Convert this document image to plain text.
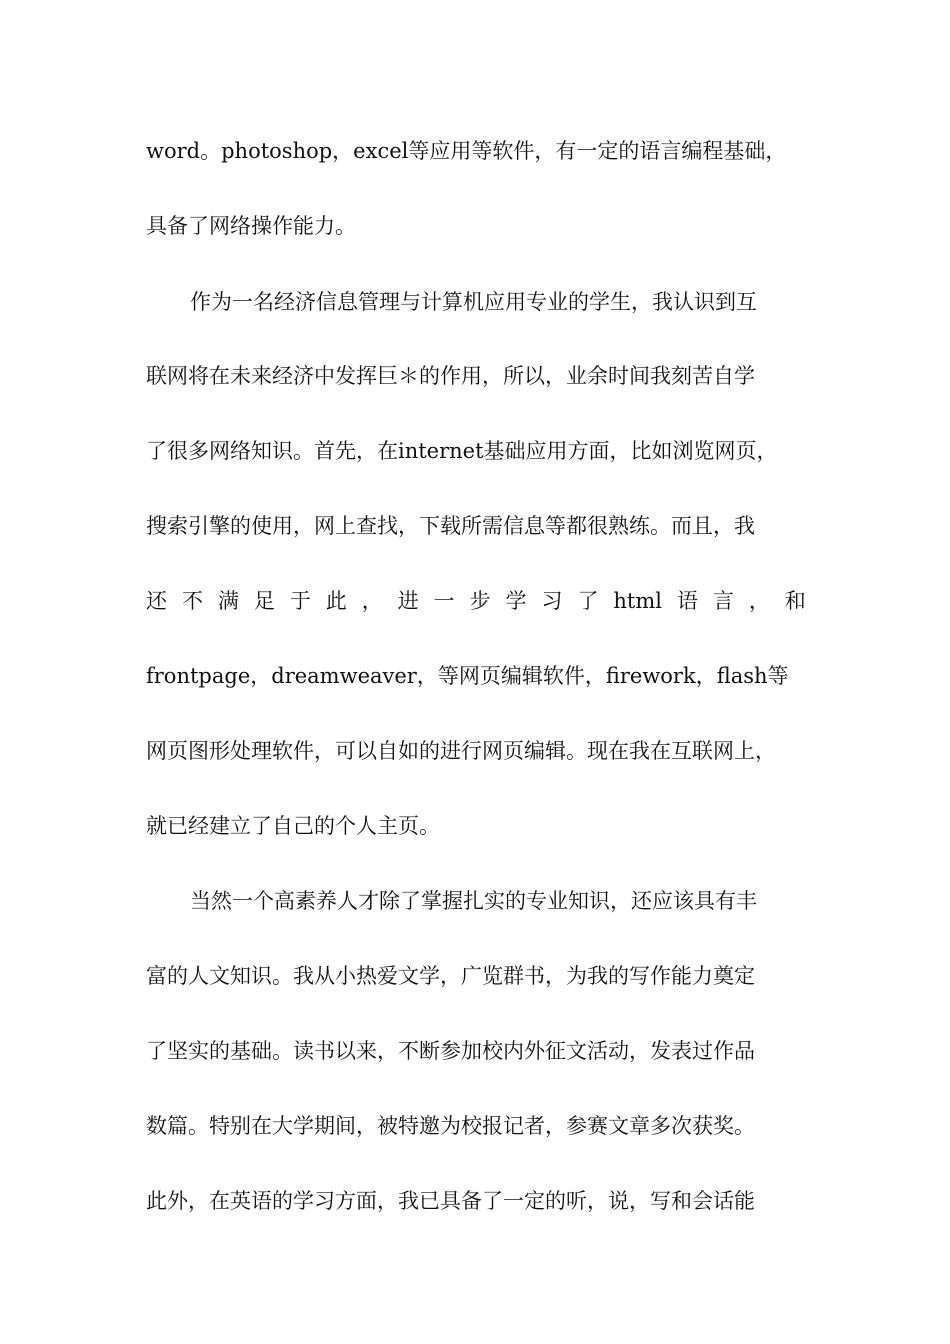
word。photoshop，excel等应用等软件，有一定的语言编程基础，
具备了网络操作能力。
作为一名经济信息管理与计算机应用专业的学生，我认识到互
联网将在未来经济中发挥巨＊的作用，所以，业余时间我刻苦自学
了很多网络知识。首先，在internet基础应用方面，比如浏览网页，
搜索引擎的使用，网上查找，下载所需信息等都很熟练。而且，我
还 不 满 足 于 此 ， 进 一 步 学 习 了 html 语 言 ， 和
frontpage，dreamweaver，等网页编辑软件，firework，flash等
网页图形处理软件，可以自如的进行网页编辑。现在我在互联网上，
就已经建立了自己的个人主页。
当然一个高素养人才除了掌握扎实的专业知识，还应该具有丰
富的人文知识。我从小热爱文学，广览群书，为我的写作能力奠定
了坚实的基础。读书以来，不断参加校内外征文活动，发表过作品
数篇。特别在大学期间，被特邀为校报记者，参赛文章多次获奖。
此外，在英语的学习方面，我已具备了一定的听，说，写和会话能
